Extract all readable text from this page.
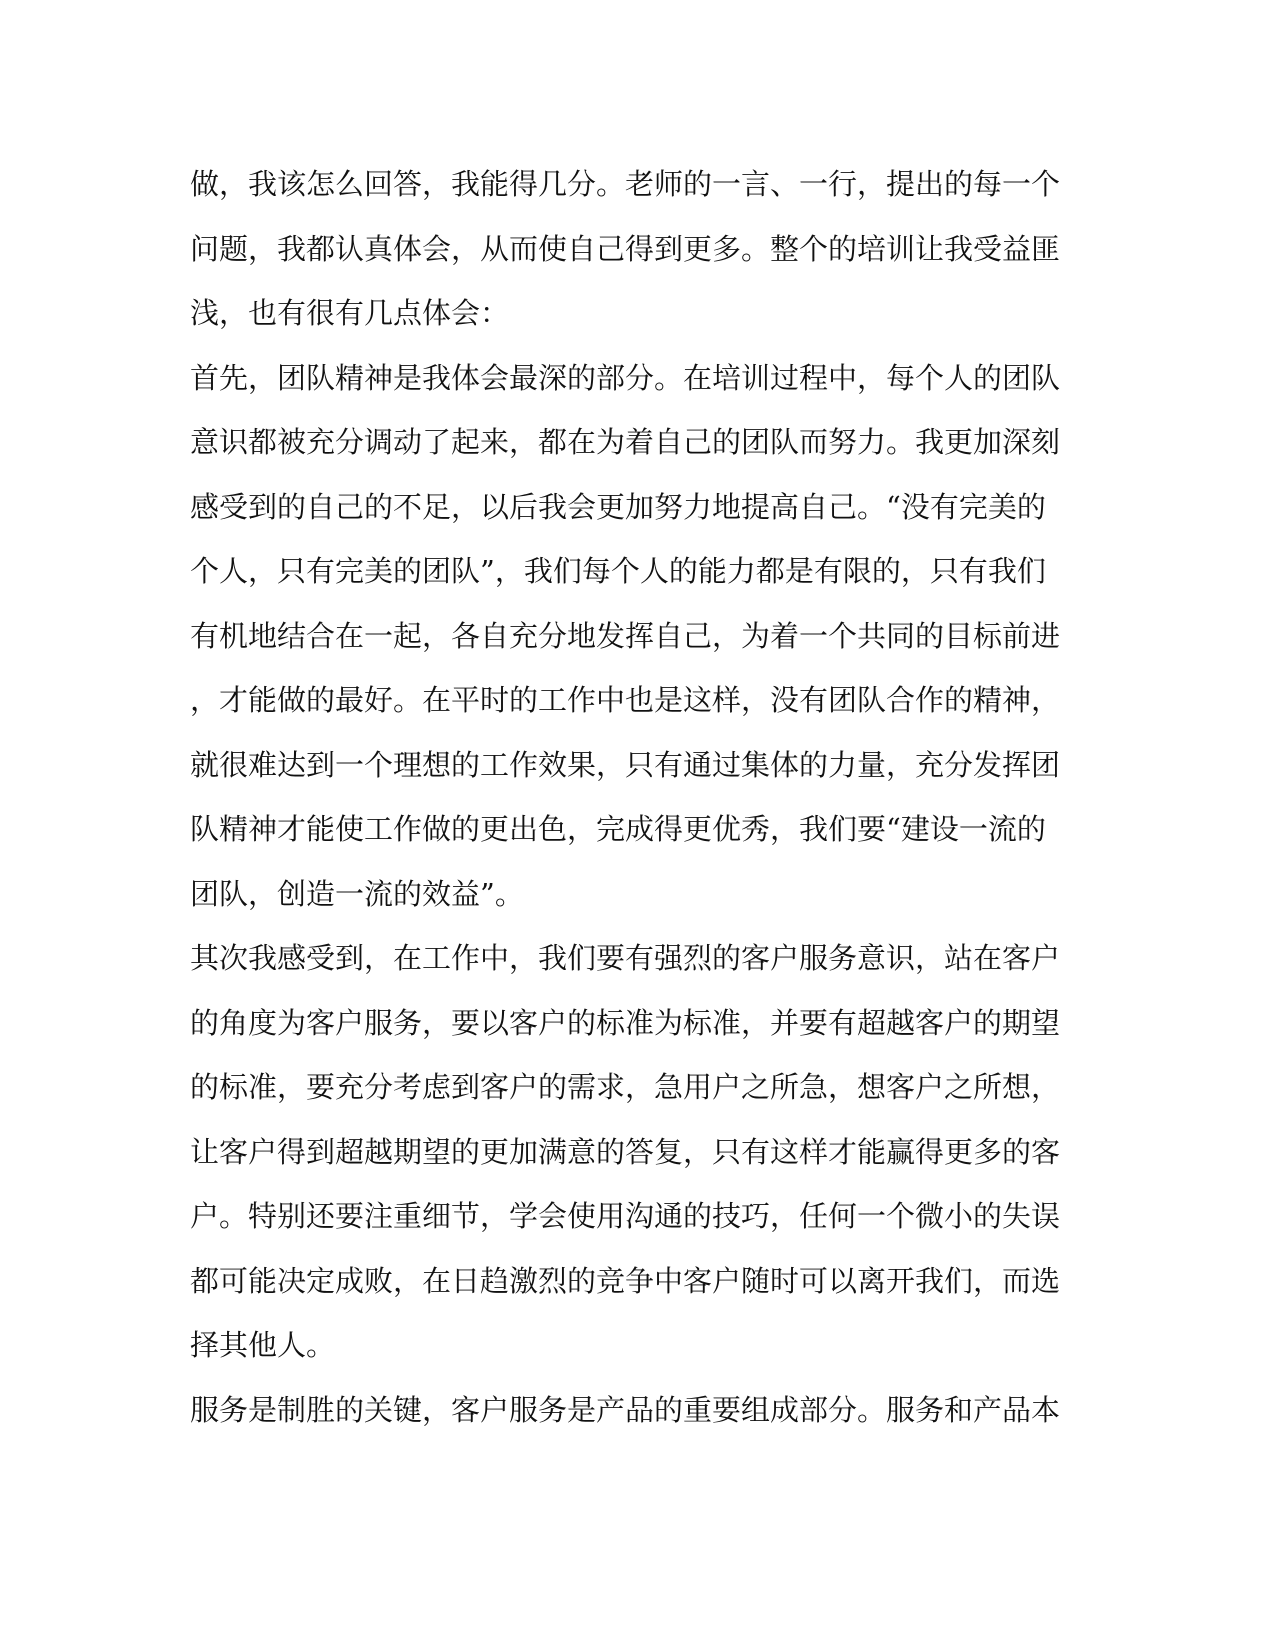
做，我该怎么回答，我能得几分。老师的一言、一行，提出的每一个
问题，我都认真体会，从而使自己得到更多。整个的培训让我受益匪
浅，也有很有几点体会：
首先，团队精神是我体会最深的部分。在培训过程中，每个人的团队
意识都被充分调动了起来，都在为着自己的团队而努力。我更加深刻
感受到的自己的不足，以后我会更加努力地提高自己。“没有完美的
个人，只有完美的团队”，我们每个人的能力都是有限的，只有我们
有机地结合在一起，各自充分地发挥自己，为着一个共同的目标前进
，才能做的最好。在平时的工作中也是这样，没有团队合作的精神，
就很难达到一个理想的工作效果，只有通过集体的力量，充分发挥团
队精神才能使工作做的更出色，完成得更优秀，我们要“建设一流的
团队，创造一流的效益”。
其次我感受到，在工作中，我们要有强烈的客户服务意识，站在客户
的角度为客户服务，要以客户的标准为标准，并要有超越客户的期望
的标准，要充分考虑到客户的需求，急用户之所急，想客户之所想，
让客户得到超越期望的更加满意的答复，只有这样才能赢得更多的客
户。特别还要注重细节，学会使用沟通的技巧，任何一个微小的失误
都可能决定成败，在日趋激烈的竞争中客户随时可以离开我们，而选
择其他人。
服务是制胜的关键，客户服务是产品的重要组成部分。服务和产品本
